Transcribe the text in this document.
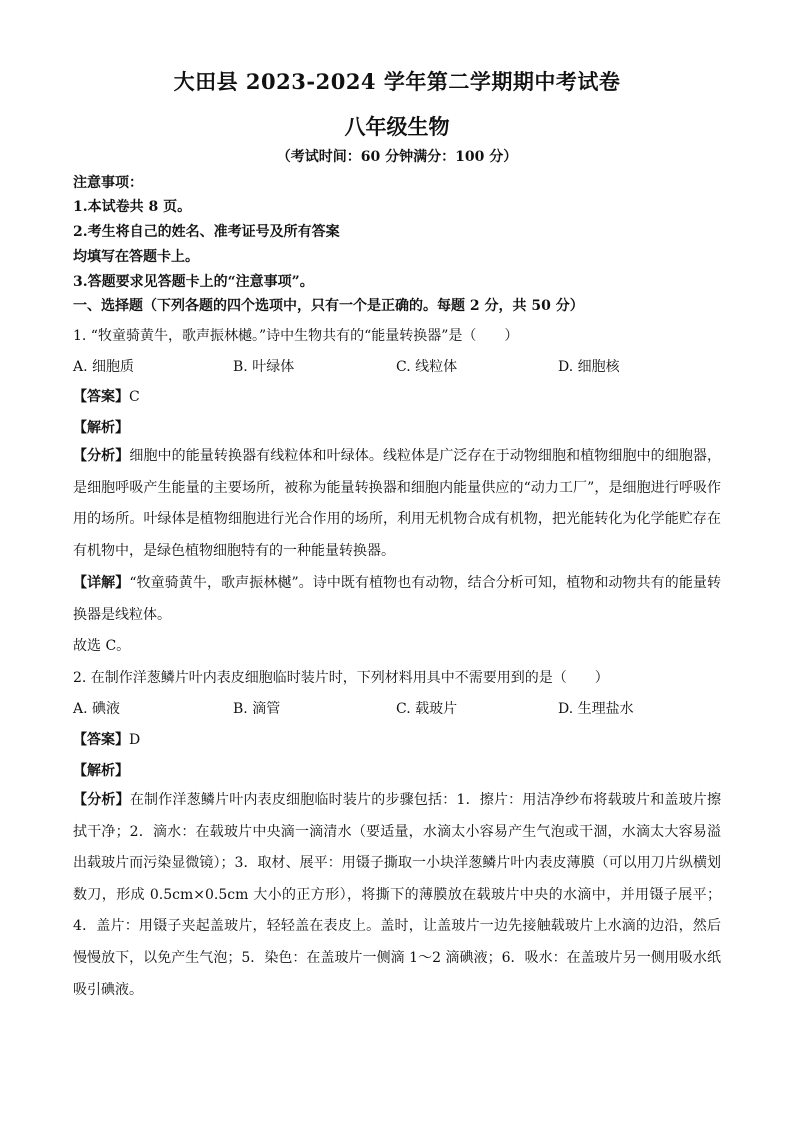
大田县 2023-2024 学年第二学期期中考试卷
八年级生物
（考试时间：60 分钟满分：100 分）
注意事项：
1.本试卷共 8 页。
2.考生将自己的姓名、准考证号及所有答案
均填写在答题卡上。
3.答题要求见答题卡上的“注意事项”。
一、选择题（下列各题的四个选项中，只有一个是正确的。每题 2 分，共 50 分）
1. “牧童骑黄牛，歌声振林樾。”诗中生物共有的“能量转换器”是（　　）
A. 细胞质	B. 叶绿体	C. 线粒体	D. 细胞核
【答案】C
【解析】
【分析】细胞中的能量转换器有线粒体和叶绿体。线粒体是广泛存在于动物细胞和植物细胞中的细胞器，是细胞呼吸产生能量的主要场所，被称为能量转换器和细胞内能量供应的“动力工厂”，是细胞进行呼吸作用的场所。叶绿体是植物细胞进行光合作用的场所，利用无机物合成有机物，把光能转化为化学能贮存在有机物中，是绿色植物细胞特有的一种能量转换器。
【详解】“牧童骑黄牛，歌声振林樾”。诗中既有植物也有动物，结合分析可知，植物和动物共有的能量转换器是线粒体。
故选 C。
2. 在制作洋葱鳞片叶内表皮细胞临时装片时，下列材料用具中不需要用到的是（　　）
A. 碘液	B. 滴管	C. 载玻片	D. 生理盐水
【答案】D
【解析】
【分析】在制作洋葱鳞片叶内表皮细胞临时装片的步骤包括：1．擦片：用洁净纱布将载玻片和盖玻片擦拭干净；2．滴水：在载玻片中央滴一滴清水（要适量，水滴太小容易产生气泡或干涸，水滴太大容易溢出载玻片而污染显微镜）；3．取材、展平：用镊子撕取一小块洋葱鳞片叶内表皮薄膜（可以用刀片纵横划数刀，形成 0.5cm×0.5cm 大小的正方形），将撕下的薄膜放在载玻片中央的水滴中，并用镊子展平；4．盖片：用镊子夹起盖玻片，轻轻盖在表皮上。盖时，让盖玻片一边先接触载玻片上水滴的边沿，然后慢慢放下，以免产生气泡；5．染色：在盖玻片一侧滴 1～2 滴碘液；6．吸水：在盖玻片另一侧用吸水纸吸引碘液。
